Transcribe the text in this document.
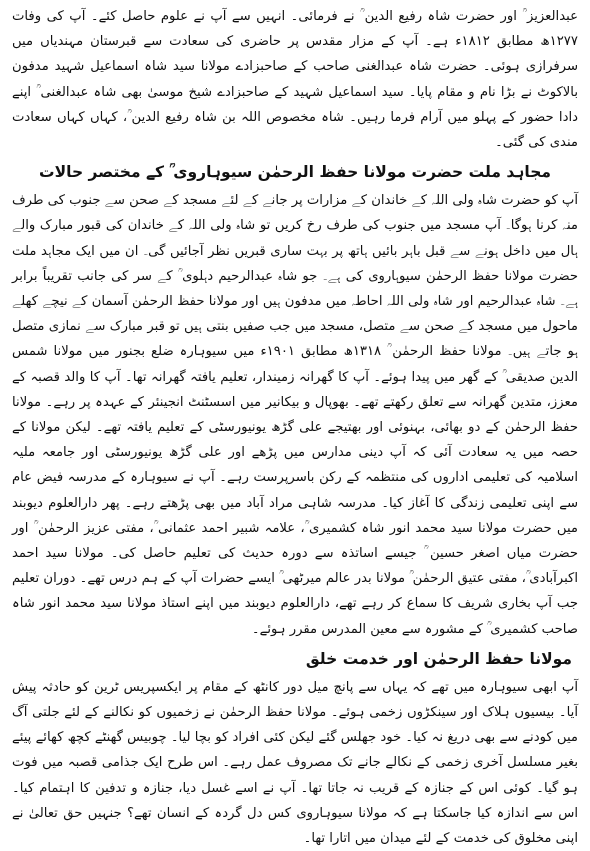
عبدالعزیز ؒ اور حضرت شاہ رفیع الدین ؒ نے فرمائی۔ انہیں سے آپ نے علوم حاصل کئے۔ آپ کی وفات ۱۲۷۷ھ مطابق ۱۸۱۲ء ہے۔ آپ کے مزار مقدس پر حاضری کی سعادت سے قبرستان مہندیاں میں سرفرازی ہوئی۔ حضرت شاہ عبدالغنی صاحب کے صاحبزادے مولانا سید شاہ اسماعیل شہید مدفون بالاکوٹ نے بڑا نام و مقام پایا۔ سید اسماعیل شہید کے صاحبزادے شیخ موسیٰ بھی شاہ عبدالغنی ؒ اپنے دادا حضور کے پہلو میں آرام فرما رہیں۔ شاہ مخصوص اللہ بن شاہ رفیع الدین ؒ، کہاں کہاں سعادت مندی کی گئی۔

مجاہد ملت حضرت مولانا حفظ الرحمٰن سیوہاروی ؒ کے مختصر حالات

آپ کو حضرت شاہ ولی اللہ کے خاندان کے مزارات پر جانے کے لئے مسجد کے صحن سے جنوب کی طرف منہ کرنا ہوگا۔ آپ مسجد میں جنوب کی طرف رخ کریں تو شاہ ولی اللہ کے خاندان کی قبور مبارک والے ہال میں داخل ہونے سے قبل باہر بائیں ہاتھ پر بہت ساری قبریں نظر آجائیں گی۔ ان میں ایک مجاہد ملت حضرت مولانا حفظ الرحمٰن سیوہاروی کی ہے۔ جو شاہ عبدالرحیم دہلوی ؒ کے سر کی جانب تقریباً برابر ہے۔ شاہ عبدالرحیم اور شاہ ولی اللہ احاطہ میں مدفون ہیں اور مولانا حفظ الرحمٰن آسمان کے نیچے کھلے ماحول میں مسجد کے صحن سے متصل، مسجد میں جب صفیں بنتی ہیں تو قبر مبارک سے نمازی متصل ہو جاتے ہیں۔ مولانا حفظ الرحمٰن ؒ ۱۳۱۸ھ مطابق ۱۹۰۱ء میں سیوہارہ ضلع بجنور میں مولانا شمس الدین صدیقی ؒ کے گھر میں پیدا ہوئے۔ آپ کا گھرانہ زمیندار، تعلیم یافتہ گھرانہ تھا۔ آپ کا والد قصبہ کے معزز، متدین گھرانہ سے تعلق رکھتے تھے۔ بھوپال و بیکانیر میں اسسٹنٹ انجینئر کے عہدہ پر رہے۔ مولانا حفظ الرحمٰن کے دو بھائی، بہنوئی اور بھتیجے علی گڑھ یونیورسٹی کے تعلیم یافتہ تھے۔ لیکن مولانا کے حصہ میں یہ سعادت آئی کہ آپ دینی مدارس میں پڑھے اور علی گڑھ یونیورسٹی اور جامعہ ملیہ اسلامیہ کی تعلیمی اداروں کی منتظمہ کے رکن باسرپرست رہے۔ آپ نے سیوہارہ کے مدرسہ فیض عام سے اپنی تعلیمی زندگی کا آغاز کیا۔ مدرسہ شاہی مراد آباد میں بھی پڑھتے رہے۔ پھر دارالعلوم دیوبند میں حضرت مولانا سید محمد انور شاہ کشمیری ؒ، علامہ شبیر احمد عثمانی ؒ، مفتی عزیز الرحمٰن ؒ اور حضرت میاں اصغر حسین ؒ جیسے اساتذہ سے دورہ حدیث کی تعلیم حاصل کی۔ مولانا سید احمد اکبرآبادی ؒ، مفتی عتیق الرحمٰن ؒ مولانا بدر عالم میرٹھی ؒ ایسے حضرات آپ کے ہم درس تھے۔ دوران تعلیم جب آپ بخاری شریف کا سماع کر رہے تھے، دارالعلوم دیوبند میں اپنے استاذ مولانا سید محمد انور شاہ صاحب کشمیری ؒ کے مشورہ سے معین المدرس مقرر ہوئے۔

مولانا حفظ الرحمٰن اور خدمت خلق

آپ ابھی سیوہارہ میں تھے کہ یہاں سے پانچ میل دور کانٹھ کے مقام پر ایکسپریس ٹرین کو حادثہ پیش آیا۔ بیسیوں ہلاک اور سینکڑوں زخمی ہوئے۔ مولانا حفظ الرحمٰن نے زخمیوں کو نکالنے کے لئے جلتی آگ میں کودنے سے بھی دریغ نہ کیا۔ خود جھلس گئے لیکن کئی افراد کو بچا لیا۔ چوبیس گھنٹے کچھ کھائے پیئے بغیر مسلسل آخری زخمی کے نکالے جانے تک مصروف عمل رہے۔ اس طرح ایک جذامی قصبہ میں فوت ہو گیا۔ کوئی اس کے جنازہ کے قریب نہ جاتا تھا۔ آپ نے اسے غسل دیا، جنازہ و تدفین کا اہتمام کیا۔ اس سے اندازہ کیا جاسکتا ہے کہ مولانا سیوہاروی کس دل گردہ کے انسان تھے؟ جنہیں حق تعالیٰ نے اپنی مخلوق کی خدمت کے لئے میدان میں اتارا تھا۔
